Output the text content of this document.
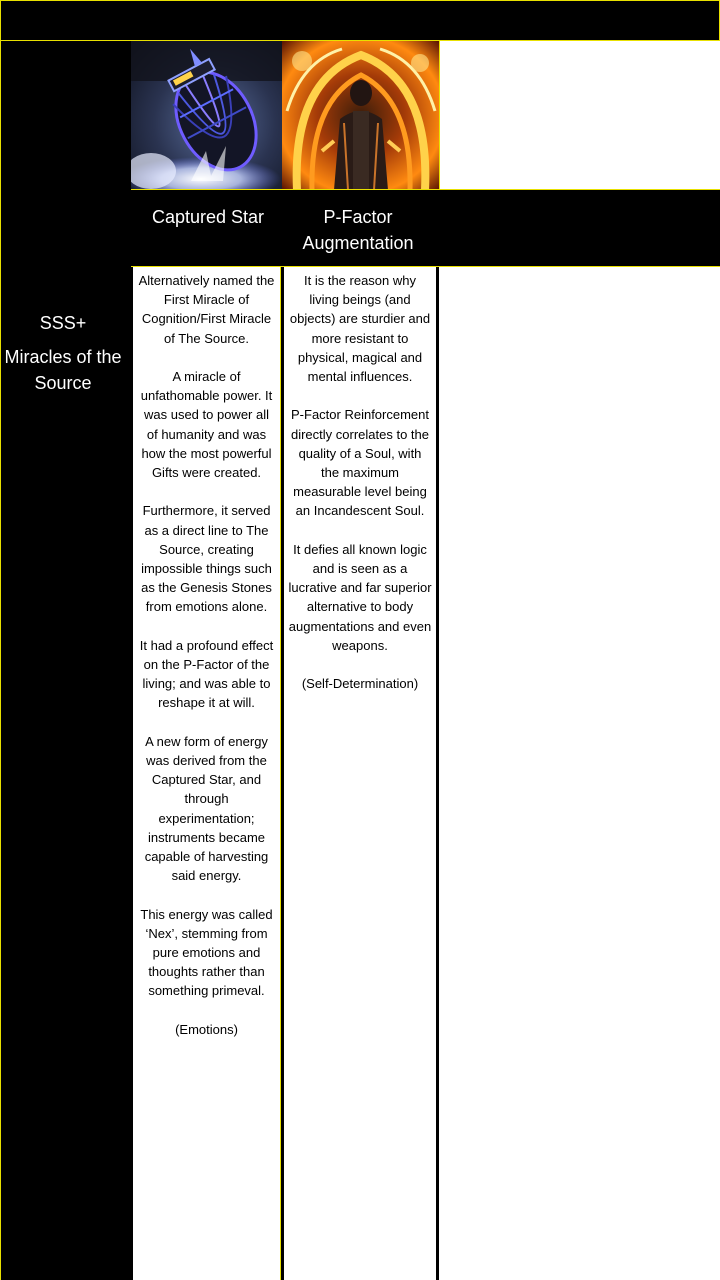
SSS+
Miracles of the Source
Captured Star	P-Factor Augmentation

Alternatively named the First Miracle of Cognition/First Miracle of The Source.

A miracle of unfathomable power. It was used to power all of humanity and was how the most powerful Gifts were created.

Furthermore, it served as a direct line to The Source, creating impossible things such as the Genesis Stones from emotions alone.

It had a profound effect on the P-Factor of the living; and was able to reshape it at will.

A new form of energy was derived from the Captured Star, and through experimentation; instruments became capable of harvesting said energy.

This energy was called ‘Nex’, stemming from pure emotions and thoughts rather than something primeval.

(Emotions)

It is the reason why living beings (and objects) are sturdier and more resistant to physical, magical and mental influences.

P-Factor Reinforcement directly correlates to the quality of a Soul, with the maximum measurable level being an Incandescent Soul.

It defies all known logic and is seen as a lucrative and far superior alternative to body augmentations and even weapons.

(Self-Determination)
